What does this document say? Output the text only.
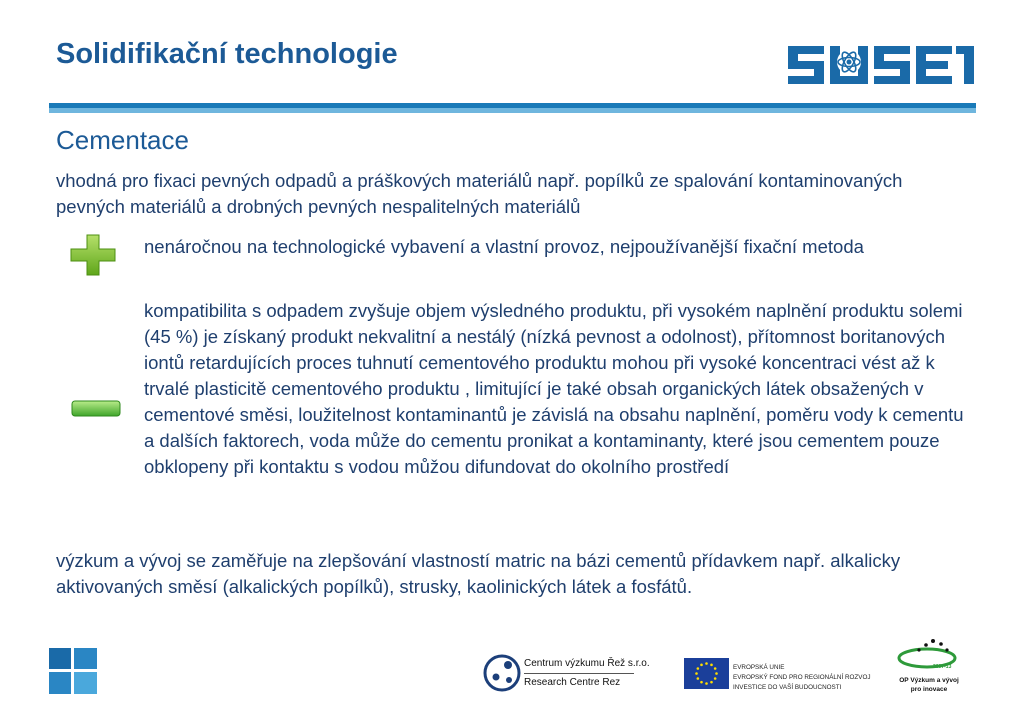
Solidifikační technologie
Cementace
vhodná pro fixaci pevných odpadů a práškových materiálů např. popílků ze spalování kontaminovaných pevných materiálů a drobných pevných nespalitelných materiálů
nenáročnou na technologické vybavení a vlastní provoz, nejpoužívanější fixační metoda
kompatibilita s odpadem zvyšuje objem výsledného produktu, při vysokém naplnění produktu solemi (45 %) je získaný produkt nekvalitní a nestálý (nízká pevnost a odolnost), přítomnost boritanových iontů retardujících proces tuhnutí cementového produktu mohou při vysoké koncentraci vést až k trvalé plasticitě cementového produktu , limitující je také obsah organických látek obsažených v cementové směsi, loužitelnost kontaminantů je závislá na obsahu naplnění, poměru vody k cementu a dalších faktorech, voda může do cementu pronikat a kontaminanty, které jsou cementem pouze obklopeny při kontaktu s vodou můžou difundovat do okolního prostředí
výzkum a vývoj se zaměřuje na zlepšování vlastností matric na bázi cementů přídavkem např. alkalicky aktivovaných směsí (alkalických popílků), strusky, kaolinických látek a fosfátů.
Centrum výzkumu Řež s.r.o.
Research Centre Rez
EVROPSKÁ UNIE
EVROPSKÝ FOND PRO REGIONÁLNÍ ROZVOJ
INVESTICE DO VAŠÍ BUDOUCNOSTI
2007-13
OP Výzkum a vývoj
pro inovace
